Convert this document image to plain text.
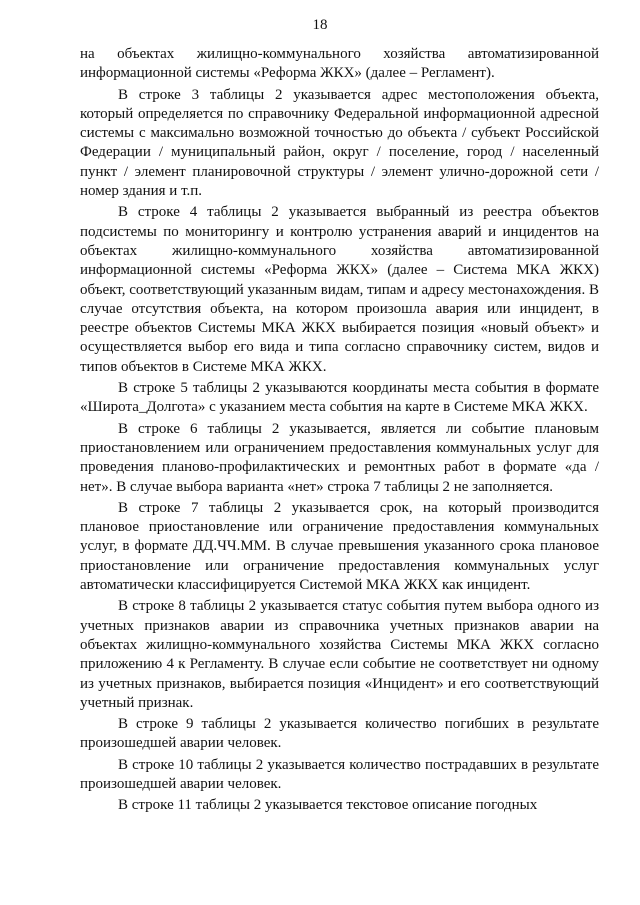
18

на объектах жилищно-коммунального хозяйства автоматизированной информационной системы «Реформа ЖКХ» (далее – Регламент).

В строке 3 таблицы 2 указывается адрес местоположения объекта, который определяется по справочнику Федеральной информационной адресной системы с максимально возможной точностью до объекта / субъект Российской Федерации / муниципальный район, округ / поселение, город / населенный пункт / элемент планировочной структуры / элемент улично-дорожной сети / номер здания и т.п.

В строке 4 таблицы 2 указывается выбранный из реестра объектов подсистемы по мониторингу и контролю устранения аварий и инцидентов на объектах жилищно-коммунального хозяйства автоматизированной информационной системы «Реформа ЖКХ» (далее – Система МКА ЖКХ) объект, соответствующий указанным видам, типам и адресу местонахождения. В случае отсутствия объекта, на котором произошла авария или инцидент, в реестре объектов Системы МКА ЖКХ выбирается позиция «новый объект» и осуществляется выбор его вида и типа согласно справочнику систем, видов и типов объектов в Системе МКА ЖКХ.

В строке 5 таблицы 2 указываются координаты места события в формате «Широта_Долгота» с указанием места события на карте в Системе МКА ЖКХ.

В строке 6 таблицы 2 указывается, является ли событие плановым приостановлением или ограничением предоставления коммунальных услуг для проведения планово-профилактических и ремонтных работ в формате «да / нет». В случае выбора варианта «нет» строка 7 таблицы 2 не заполняется.

В строке 7 таблицы 2 указывается срок, на который производится плановое приостановление или ограничение предоставления коммунальных услуг, в формате ДД.ЧЧ.ММ. В случае превышения указанного срока плановое приостановление или ограничение предоставления коммунальных услуг автоматически классифицируется Системой МКА ЖКХ как инцидент.

В строке 8 таблицы 2 указывается статус события путем выбора одного из учетных признаков аварии из справочника учетных признаков аварии на объектах жилищно-коммунального хозяйства Системы МКА ЖКХ согласно приложению 4 к Регламенту. В случае если событие не соответствует ни одному из учетных признаков, выбирается позиция «Инцидент» и его соответствующий учетный признак.

В строке 9 таблицы 2 указывается количество погибших в результате произошедшей аварии человек.

В строке 10 таблицы 2 указывается количество пострадавших в результате произошедшей аварии человек.

В строке 11 таблицы 2 указывается текстовое описание погодных
